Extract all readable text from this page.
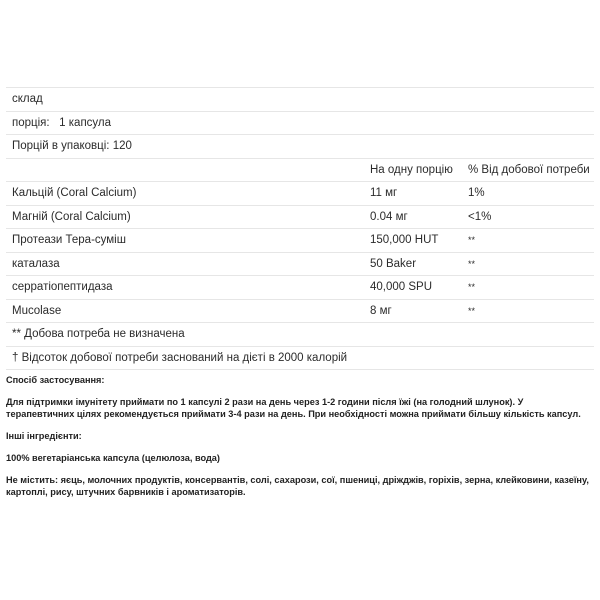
склад		
порція:   1 капсула		
Порцій в упаковці: 120		
	На одну порцію	% Від добової потреби
Кальцій (Coral Calcium)	11 мг	1%
Магній (Coral Calcium)	0.04 мг	<1%
Протеази Тера-суміш	150,000 HUT	**
каталаза	50 Baker	**
серратіопептидаза	40,000 SPU	**
Mucolase	8 мг	**
** Добова потреба не визначена		
† Відсоток добової потреби заснований на дієті в 2000 калорій		

Спосіб застосування:

Для підтримки імунітету приймати по 1 капсулі 2 рази на день через 1-2 години після їжі (на голодний шлунок). У терапевтичних цілях рекомендується приймати 3-4 рази на день. При необхідності можна приймати більшу кількість капсул.

Інші інгредієнти:

100% вегетаріанська капсула (целюлоза, вода)

Не містить: яєць, молочних продуктів, консервантів, солі, сахарози, сої, пшениці, дріжджів, горіхів, зерна, клейковини, казеїну, картоплі, рису, штучних барвників і ароматизаторів.
